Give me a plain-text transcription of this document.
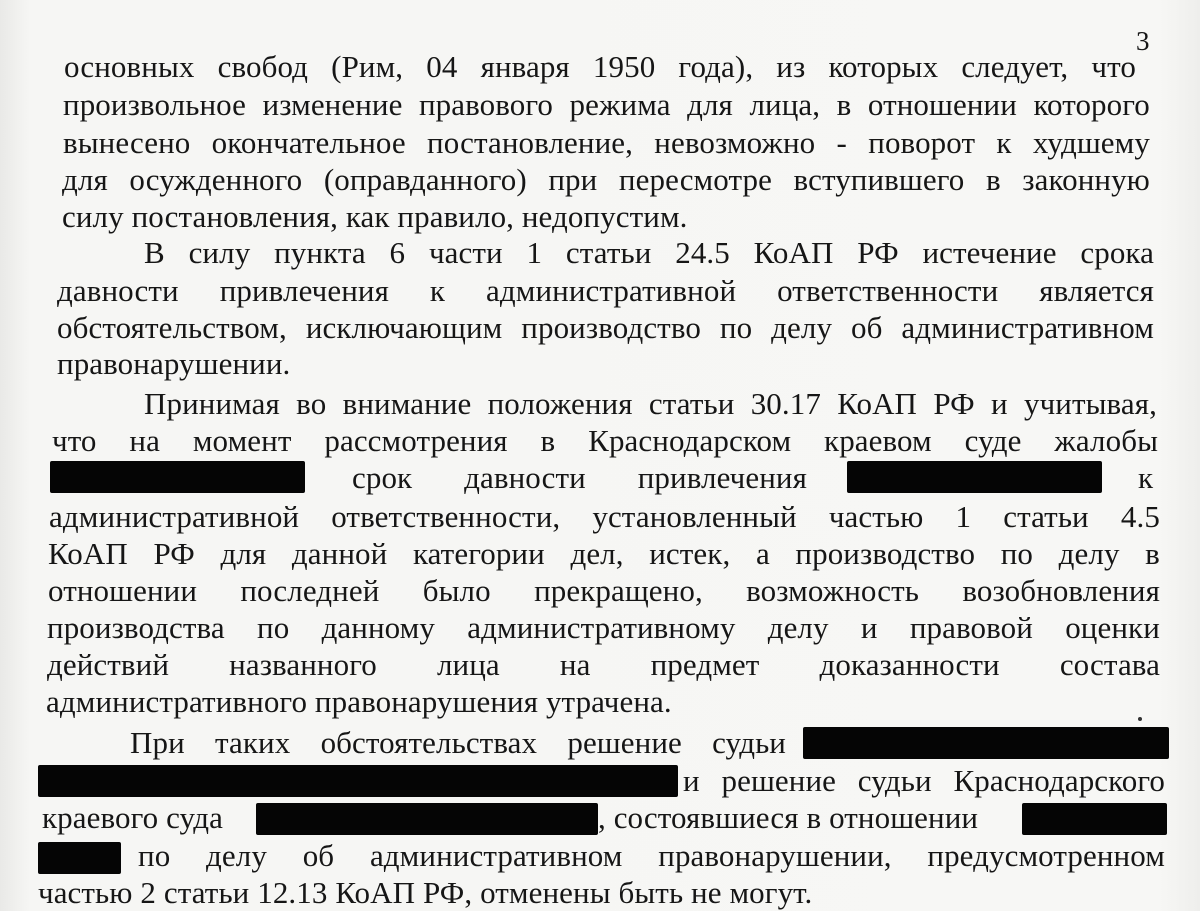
3
основных свобод (Рим, 04 января 1950 года), из которых следует, что
произвольное изменение правового режима для лица, в отношении которого
вынесено окончательное постановление, невозможно - поворот к худшему
для осужденного (оправданного) при пересмотре вступившего в законную
силу постановления, как правило, недопустим.
В силу пункта 6 части 1 статьи 24.5 КоАП РФ истечение срока
давности привлечения к административной ответственности является
обстоятельством, исключающим производство по делу об административном
правонарушении.
Принимая во внимание положения статьи 30.17 КоАП РФ и учитывая,
что на момент рассмотрения в Краснодарском краевом суде жалобы
срок давности привлечения	к
административной ответственности, установленный частью 1 статьи 4.5
КоАП РФ для данной категории дел, истек, а производство по делу в
отношении последней было прекращено, возможность возобновления
производства по данному административному делу и правовой оценки
действий названного лица на предмет доказанности состава
административного правонарушения утрачена.
При таких обстоятельствах решение судьи
и решение судьи Краснодарского
краевого суда	, состоявшиеся в отношении
по делу об административном правонарушении, предусмотренном
частью 2 статьи 12.13 КоАП РФ, отменены быть не могут.
